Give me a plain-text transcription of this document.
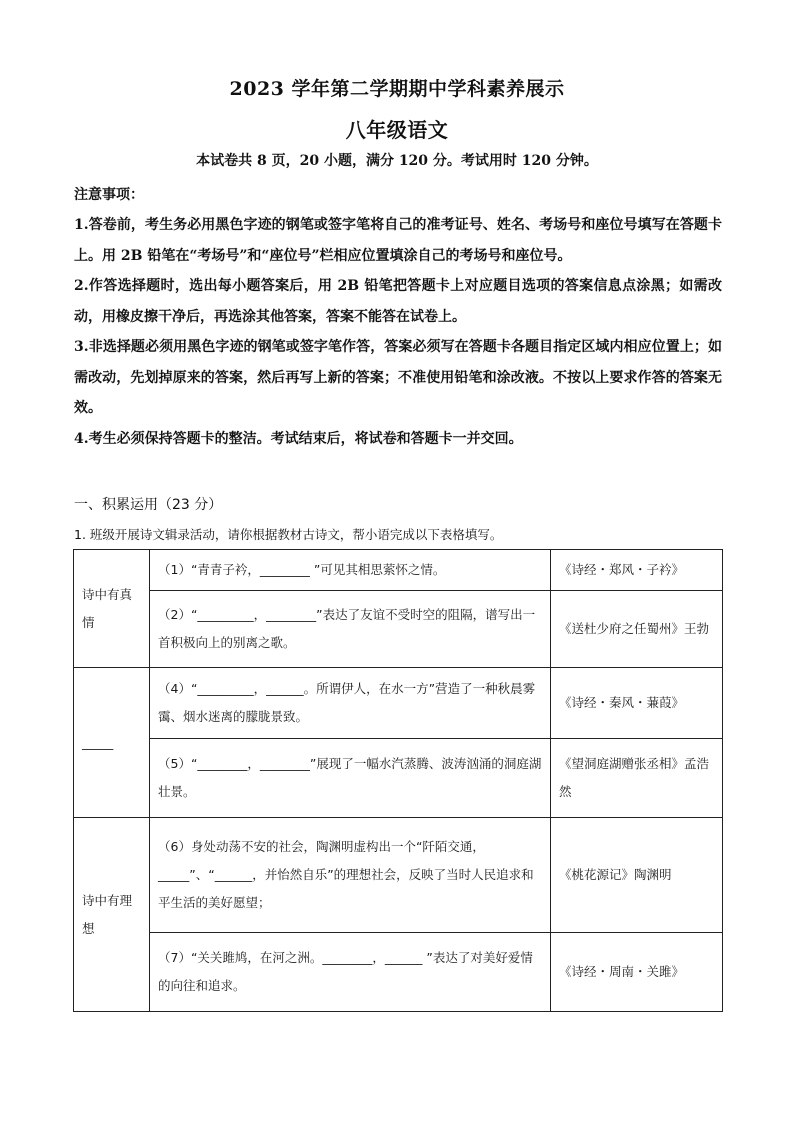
2023 学年第二学期期中学科素养展示
八年级语文
本试卷共 8 页，20 小题，满分 120 分。考试用时 120 分钟。
注意事项：

1.答卷前，考生务必用黑色字迹的钢笔或签字笔将自己的准考证号、姓名、考场号和座位号填写在答题卡上。用 2B 铅笔在“考场号”和“座位号”栏相应位置填涂自己的考场号和座位号。

2.作答选择题时，选出每小题答案后，用 2B 铅笔把答题卡上对应题目选项的答案信息点涂黑；如需改动，用橡皮擦干净后，再选涂其他答案，答案不能答在试卷上。

3.非选择题必须用黑色字迹的钢笔或签字笔作答，答案必须写在答题卡各题目指定区域内相应位置上；如需改动，先划掉原来的答案，然后再写上新的答案；不准使用铅笔和涂改液。不按以上要求作答的答案无效。

4.考生必须保持答题卡的整洁。考试结束后，将试卷和答题卡一并交回。

一、积累运用（23 分）
1. 班级开展诗文辑录活动，请你根据教材古诗文，帮小语完成以下表格填写。
诗中有真情	（1）“青青子衿，________ ”可见其相思萦怀之情。	《诗经・郑风・子衿》
	（2）“_________，________”表达了友谊不受时空的阻隔，谱写出一首积极向上的别离之歌。	《送杜少府之任蜀州》王勃
_____	（4）“_________，______。所谓伊人，在水一方”营造了一种秋晨雾霭、烟水迷离的朦胧景致。	《诗经・秦风・蒹葭》
	（5）“________，________”展现了一幅水汽蒸腾、波涛汹涌的洞庭湖壮景。	《望洞庭湖赠张丞相》孟浩然
诗中有理想	（6）身处动荡不安的社会，陶渊明虚构出一个“阡陌交通，_____”、“______，并怡然自乐”的理想社会，反映了当时人民追求和平生活的美好愿望；	《桃花源记》陶渊明
	（7）“关关雎鸠，在河之洲。________，______ ”表达了对美好爱情的向往和追求。	《诗经・周南・关雎》
